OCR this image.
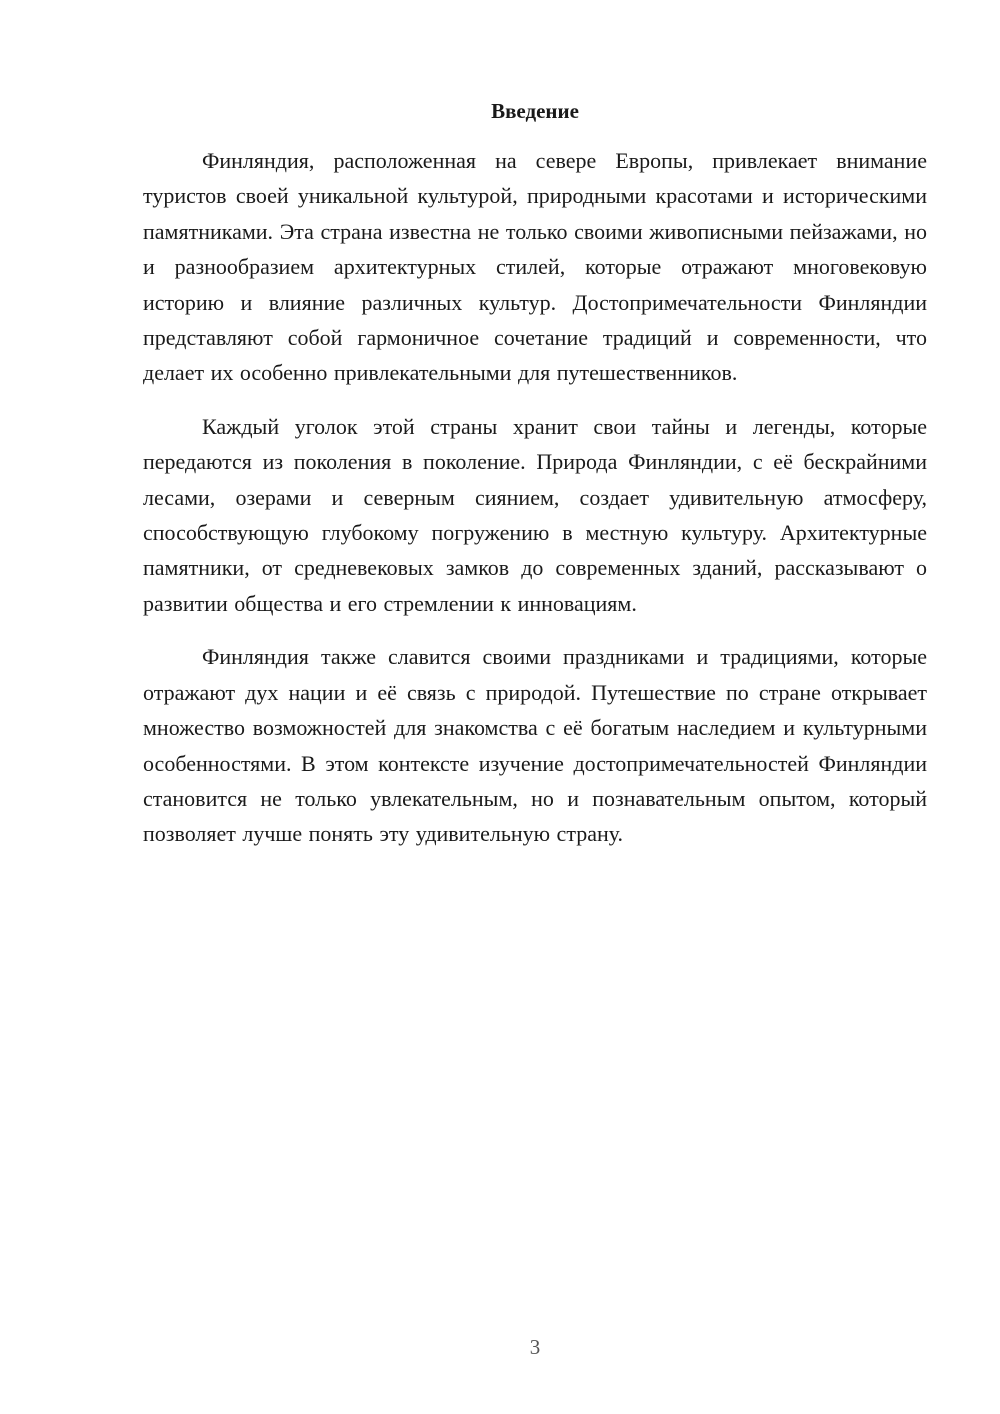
Введение

Финляндия, расположенная на севере Европы, привлекает внимание туристов своей уникальной культурой, природными красотами и историческими памятниками. Эта страна известна не только своими живописными пейзажами, но и разнообразием архитектурных стилей, которые отражают многовековую историю и влияние различных культур. Достопримечательности Финляндии представляют собой гармоничное сочетание традиций и современности, что делает их особенно привлекательными для путешественников.

Каждый уголок этой страны хранит свои тайны и легенды, которые передаются из поколения в поколение. Природа Финляндии, с её бескрайними лесами, озерами и северным сиянием, создает удивительную атмосферу, способствующую глубокому погружению в местную культуру. Архитектурные памятники, от средневековых замков до современных зданий, рассказывают о развитии общества и его стремлении к инновациям.

Финляндия также славится своими праздниками и традициями, которые отражают дух нации и её связь с природой. Путешествие по стране открывает множество возможностей для знакомства с её богатым наследием и культурными особенностями. В этом контексте изучение достопримечательностей Финляндии становится не только увлекательным, но и познавательным опытом, который позволяет лучше понять эту удивительную страну.

3
